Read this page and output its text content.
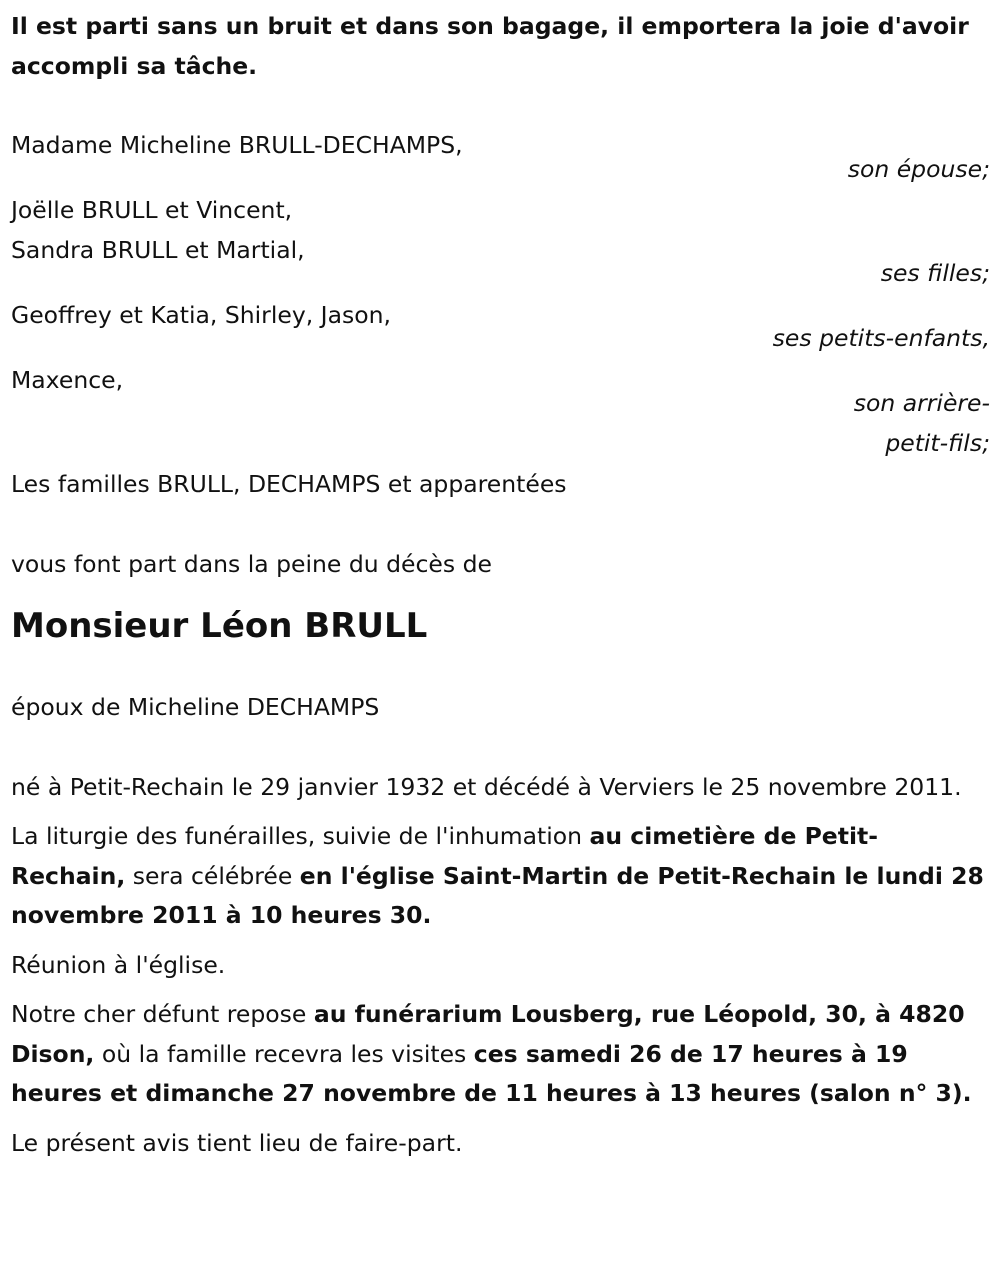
Il est parti sans un bruit et dans son bagage, il emportera la joie d'avoir accompli sa tâche.

Madame Micheline BRULL-DECHAMPS,

son épouse;

Joëlle BRULL et Vincent,

Sandra BRULL et Martial,

ses filles;

Geoffrey et Katia, Shirley, Jason,

ses petits-enfants,

Maxence,

son arrière-

petit-fils;

Les familles BRULL, DECHAMPS et apparentées

vous font part dans la peine du décès de

Monsieur Léon BRULL

époux de Micheline DECHAMPS

né à Petit-Rechain le 29 janvier 1932 et décédé à Verviers le 25 novembre 2011.

La liturgie des funérailles, suivie de l'inhumation au cimetière de Petit-Rechain, sera célébrée en l'église Saint-Martin de Petit-Rechain le lundi 28 novembre 2011 à 10 heures 30.

Réunion à l'église.

Notre cher défunt repose au funérarium Lousberg, rue Léopold, 30, à 4820 Dison, où la famille recevra les visites ces samedi 26 de 17 heures à 19 heures et dimanche 27 novembre de 11 heures à 13 heures (salon n° 3).

Le présent avis tient lieu de faire-part.
